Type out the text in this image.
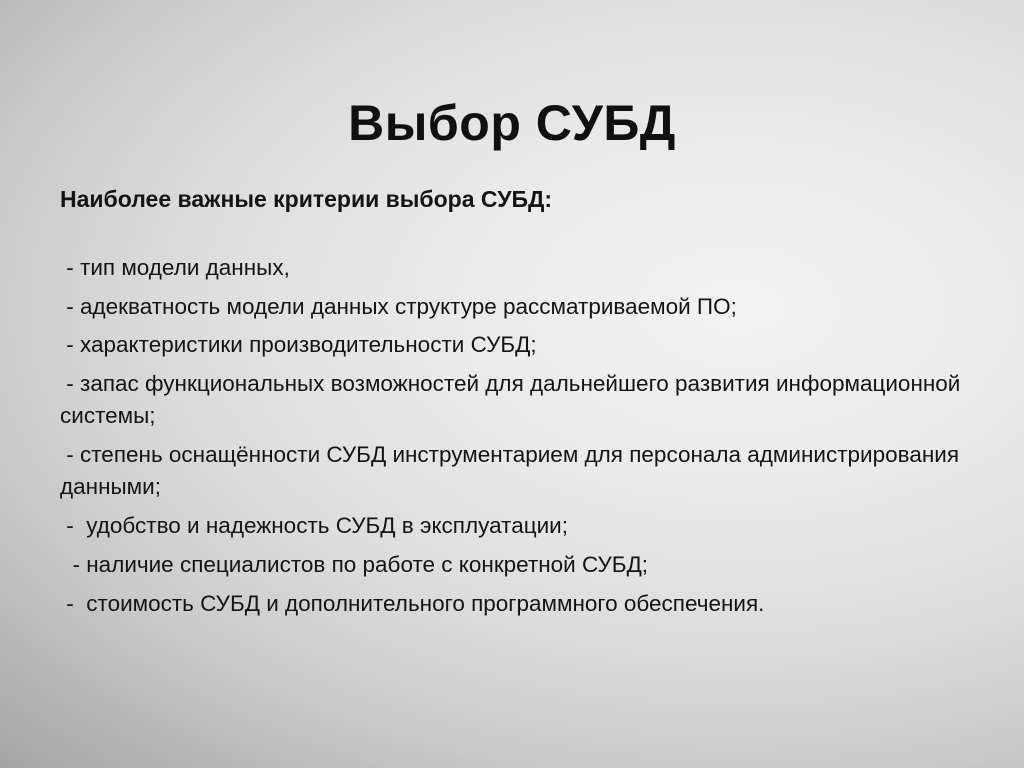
Выбор СУБД

Наиболее важные критерии выбора СУБД:

- тип модели данных,
- адекватность модели данных структуре рассматриваемой ПО;
- характеристики производительности СУБД;
- запас функциональных возможностей для дальнейшего развития информационной системы;
- степень оснащённости СУБД инструментарием для персонала администрирования данными;
-  удобство и надежность СУБД в эксплуатации;
- наличие специалистов по работе с конкретной СУБД;
-  стоимость СУБД и дополнительного программного обеспечения.
